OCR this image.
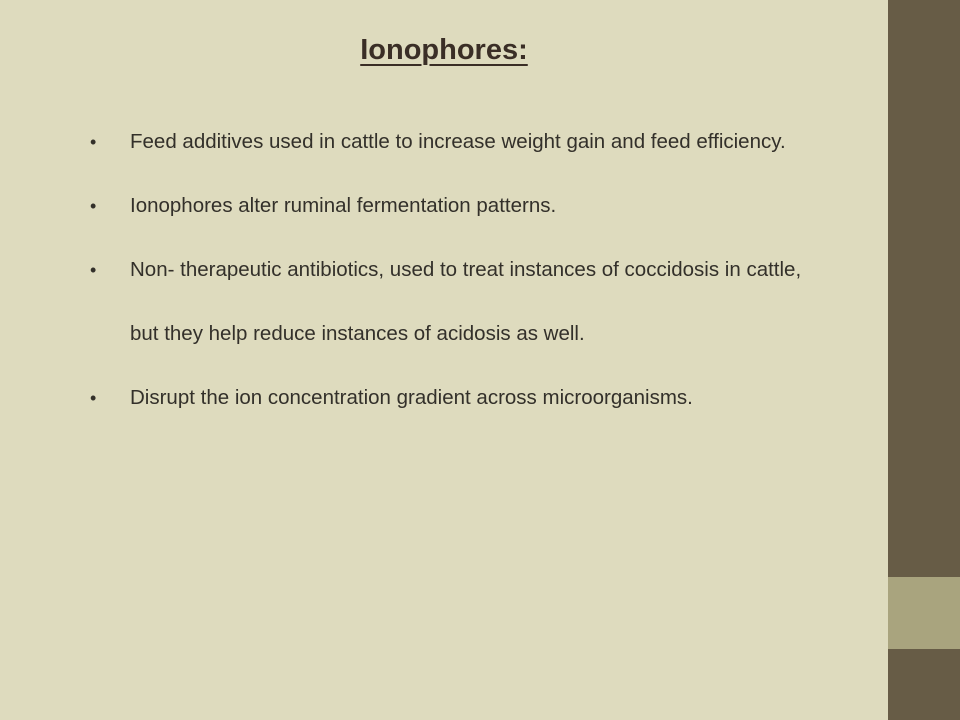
Ionophores:
• Feed additives used in cattle to increase weight gain and feed efficiency.
• Ionophores alter ruminal fermentation patterns.
• Non- therapeutic antibiotics, used to treat instances of coccidosis in cattle, but they help reduce instances of acidosis as well.
• Disrupt the ion concentration gradient across microorganisms.
